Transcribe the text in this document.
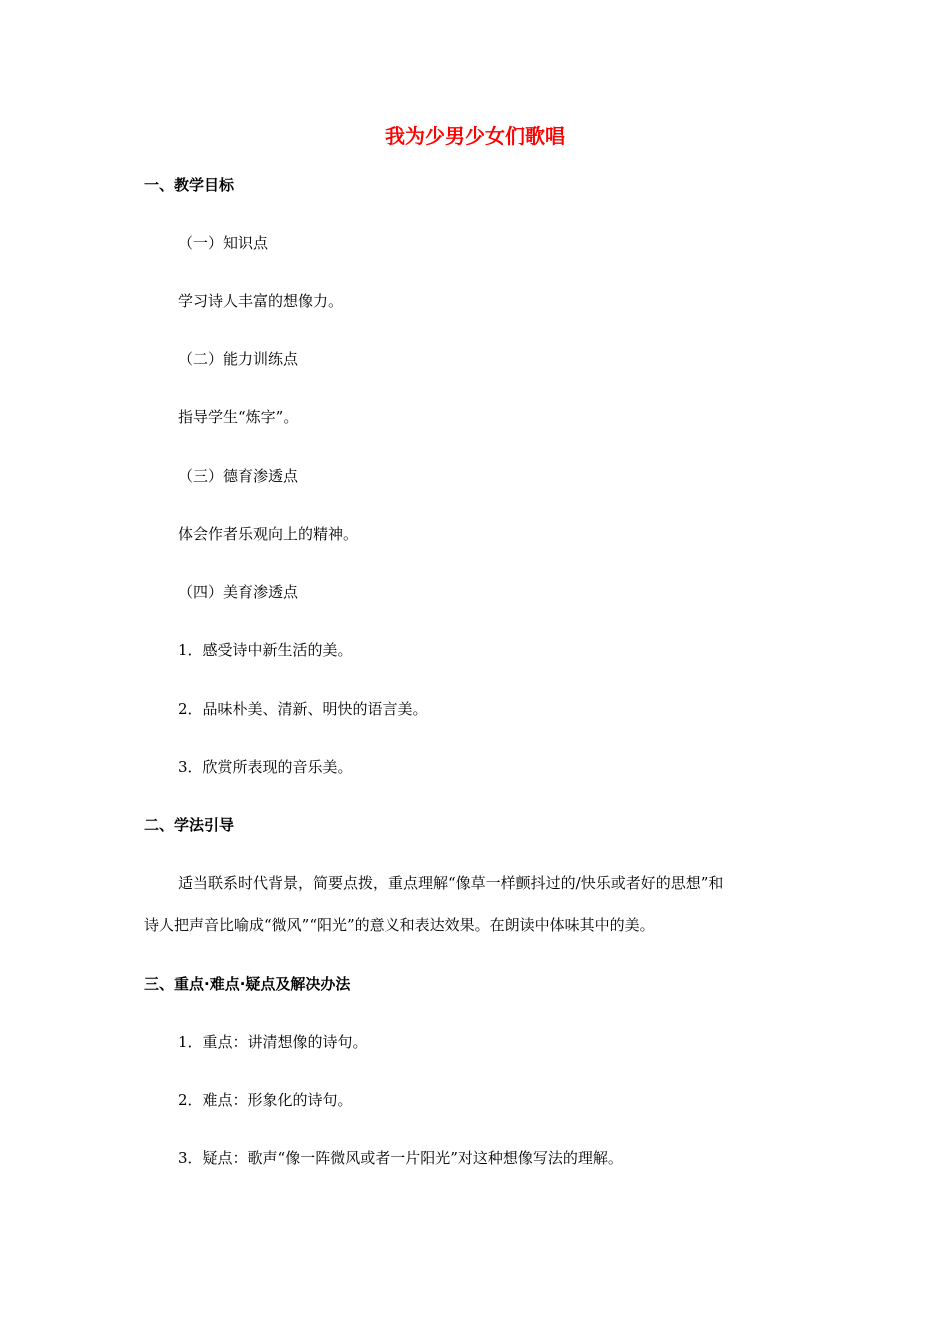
我为少男少女们歌唱
一、教学目标
（一）知识点
学习诗人丰富的想像力。
（二）能力训练点
指导学生“炼字”。
（三）德育渗透点
体会作者乐观向上的精神。
（四）美育渗透点
1．感受诗中新生活的美。
2．品味朴美、清新、明快的语言美。
3．欣赏所表现的音乐美。
二、学法引导
适当联系时代背景，简要点拨，重点理解“像草一样颤抖过的/快乐或者好的思想”和
诗人把声音比喻成“微风”“阳光”的意义和表达效果。在朗读中体味其中的美。
三、重点·难点·疑点及解决办法
1．重点：讲清想像的诗句。
2．难点：形象化的诗句。
3．疑点：歌声“像一阵微风或者一片阳光”对这种想像写法的理解。
